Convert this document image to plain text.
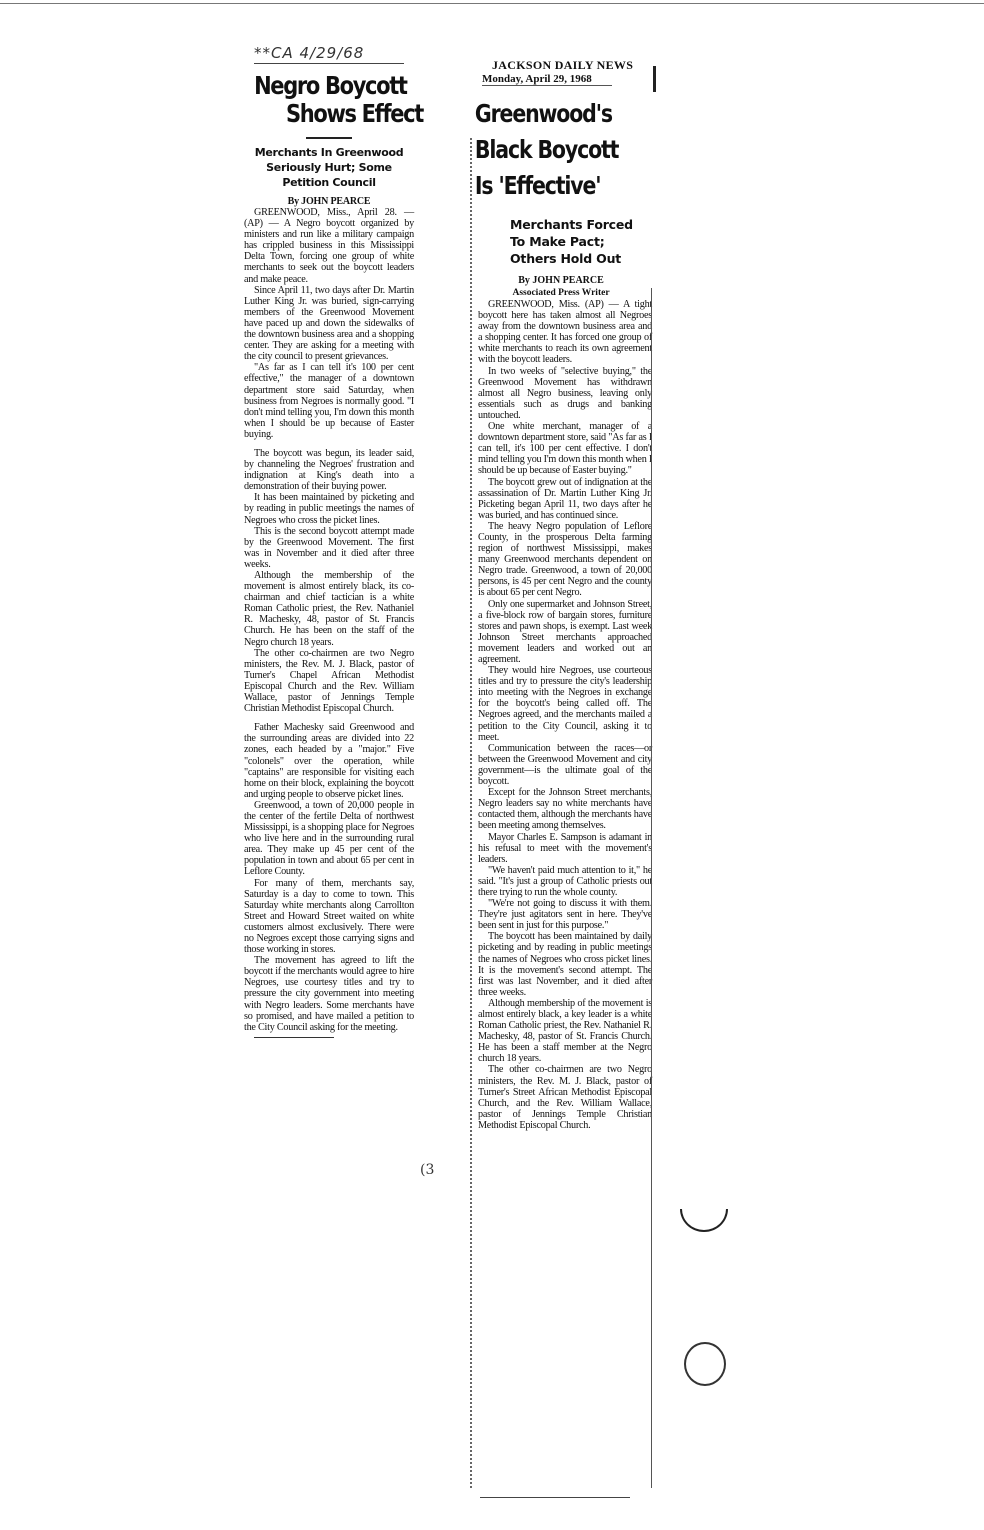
**CA 4/29/68
Negro Boycott
Shows Effect
Merchants In Greenwood
Seriously Hurt; Some
Petition Council
By JOHN PEARCE

GREENWOOD, Miss., April 28. — (AP) — A Negro boycott organized by ministers and run like a military campaign has crippled business in this Mississippi Delta Town, forcing one group of white merchants to seek out the boycott leaders and make peace.

Since April 11, two days after Dr. Martin Luther King Jr. was buried, sign-carrying members of the Greenwood Movement have paced up and down the sidewalks of the downtown business area and a shopping center. They are asking for a meeting with the city council to present grievances.

"As far as I can tell it's 100 per cent effective," the manager of a downtown department store said Saturday, when business from Negroes is normally good. "I don't mind telling you, I'm down this month when I should be up because of Easter buying.

The boycott was begun, its leader said, by channeling the Negroes' frustration and indignation at King's death into a demonstration of their buying power.

It has been maintained by picketing and by reading in public meetings the names of Negroes who cross the picket lines.

This is the second boycott attempt made by the Greenwood Movement. The first was in November and it died after three weeks.

Although the membership of the movement is almost entirely black, its co-chairman and chief tactician is a white Roman Catholic priest, the Rev. Nathaniel R. Machesky, 48, pastor of St. Francis Church. He has been on the staff of the Negro church 18 years.

The other co-chairmen are two Negro ministers, the Rev. M. J. Black, pastor of Turner's Chapel African Methodist Episcopal Church and the Rev. William Wallace, pastor of Jennings Temple Christian Methodist Episcopal Church.

Father Machesky said Greenwood and the surrounding areas are divided into 22 zones, each headed by a "major." Five "colonels" over the operation, while "captains" are responsible for visiting each home on their block, explaining the boycott and urging people to observe picket lines.

Greenwood, a town of 20,000 people in the center of the fertile Delta of northwest Mississippi, is a shopping place for Negroes who live here and in the surrounding rural area. They make up 45 per cent of the population in town and about 65 per cent in Leflore County.

For many of them, merchants say, Saturday is a day to come to town. This Saturday white merchants along Carrollton Street and Howard Street waited on white customers almost exclusively. There were no Negroes except those carrying signs and those working in stores.

The movement has agreed to lift the boycott if the merchants would agree to hire Negroes, use courtesy titles and try to pressure the city government into meeting with Negro leaders. Some merchants have so promised, and have mailed a petition to the City Council asking for the meeting.

JACKSON DAILY NEWS
Monday, April 29, 1968
Greenwood's
Black Boycott
Is 'Effective'
Merchants Forced
To Make Pact;
Others Hold Out
By JOHN PEARCE
Associated Press Writer

GREENWOOD, Miss. (AP) — A tight boycott here has taken almost all Negroes away from the downtown business area and a shopping center. It has forced one group of white merchants to reach its own agreement with the boycott leaders.

In two weeks of "selective buying," the Greenwood Movement has withdrawn almost all Negro business, leaving only essentials such as drugs and banking untouched.

One white merchant, manager of a downtown department store, said "As far as I can tell, it's 100 per cent effective. I don't mind telling you I'm down this month when I should be up because of Easter buying."

The boycott grew out of indignation at the assassination of Dr. Martin Luther King Jr. Picketing began April 11, two days after he was buried, and has continued since.

The heavy Negro population of Leflore County, in the prosperous Delta farming region of northwest Mississippi, makes many Greenwood merchants dependent on Negro trade. Greenwood, a town of 20,000 persons, is 45 per cent Negro and the county is about 65 per cent Negro.

Only one supermarket and Johnson Street, a five-block row of bargain stores, furniture stores and pawn shops, is exempt. Last week Johnson Street merchants approached movement leaders and worked out an agreement.

They would hire Negroes, use courteous titles and try to pressure the city's leadership into meeting with the Negroes in exchange for the boycott's being called off. The Negroes agreed, and the merchants mailed a petition to the City Council, asking it to meet.

Communication between the races—or between the Greenwood Movement and city government—is the ultimate goal of the boycott.

Except for the Johnson Street merchants, Negro leaders say no white merchants have contacted them, although the merchants have been meeting among themselves.

Mayor Charles E. Sampson is adamant in his refusal to meet with the movement's leaders.

"We haven't paid much attention to it," he said. "It's just a group of Catholic priests out there trying to run the whole county.

"We're not going to discuss it with them. They're just agitators sent in here. They've been sent in just for this purpose."

The boycott has been maintained by daily picketing and by reading in public meetings the names of Negroes who cross picket lines. It is the movement's second attempt. The first was last November, and it died after three weeks.

Although membership of the movement is almost entirely black, a key leader is a white Roman Catholic priest, the Rev. Nathaniel R. Machesky, 48, pastor of St. Francis Church. He has been a staff member at the Negro church 18 years.

The other co-chairmen are two Negro ministers, the Rev. M. J. Black, pastor of Turner's Street African Methodist Episcopal Church, and the Rev. William Wallace, pastor of Jennings Temple Christian Methodist Episcopal Church.

(3
